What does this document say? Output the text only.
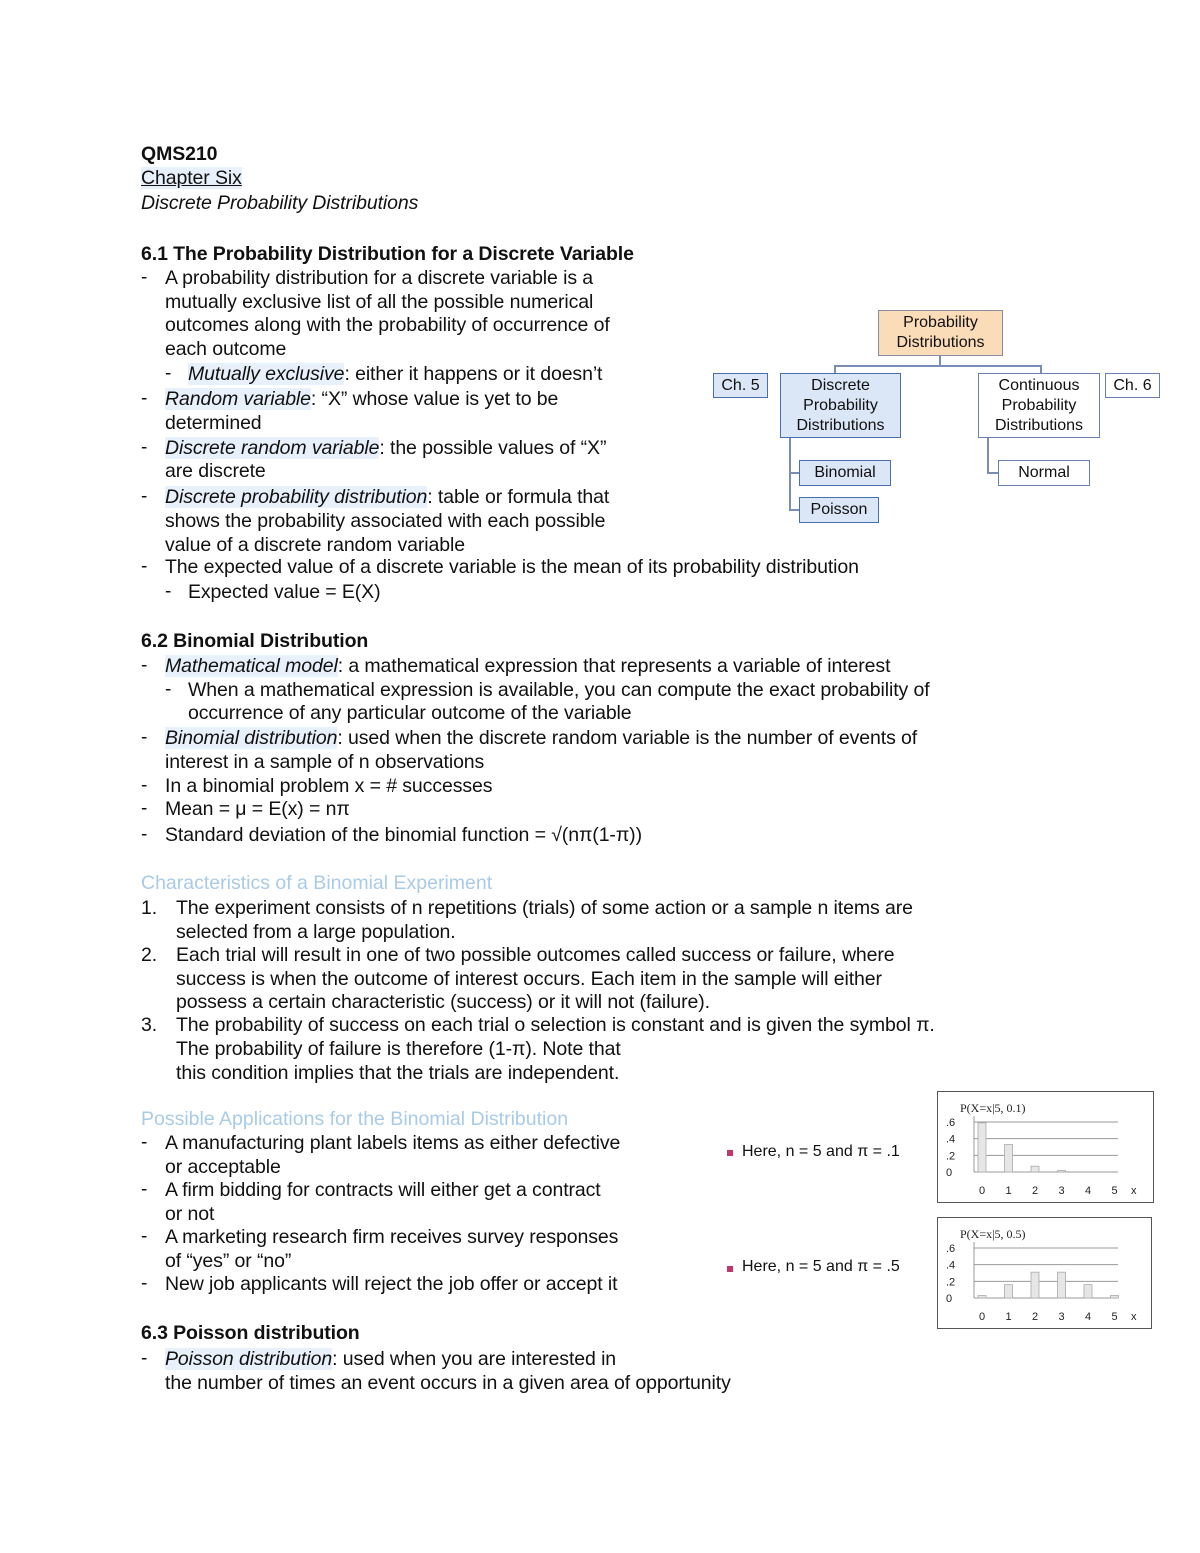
QMS210
Chapter Six
Discrete Probability Distributions
6.1 The Probability Distribution for a Discrete Variable
- A probability distribution for a discrete variable is a
mutually exclusive list of all the possible numerical
outcomes along with the probability of occurrence of
each outcome
- Mutually exclusive: either it happens or it doesn’t
- Random variable: “X” whose value is yet to be
determined
- Discrete random variable: the possible values of “X”
are discrete
- Discrete probability distribution: table or formula that
shows the probability associated with each possible
value of a discrete random variable
- The expected value of a discrete variable is the mean of its probability distribution
- Expected value = E(X)
Probability Distributions
Discrete Probability Distributions
Continuous Probability Distributions
Ch. 5	Ch. 6
Binomial
Poisson
Normal
6.2 Binomial Distribution
- Mathematical model: a mathematical expression that represents a variable of interest
- When a mathematical expression is available, you can compute the exact probability of
occurrence of any particular outcome of the variable
- Binomial distribution: used when the discrete random variable is the number of events of
interest in a sample of n observations
- In a binomial problem x = # successes
- Mean = μ = E(x) = nπ
- Standard deviation of the binomial function = √(nπ(1-π))
Characteristics of a Binomial Experiment
1. The experiment consists of n repetitions (trials) of some action or a sample n items are
selected from a large population.
2. Each trial will result in one of two possible outcomes called success or failure, where
success is when the outcome of interest occurs. Each item in the sample will either
possess a certain characteristic (success) or it will not (failure).
3. The probability of success on each trial o selection is constant and is given the symbol π.
The probability of failure is therefore (1-π). Note that
this condition implies that the trials are independent.
Possible Applications for the Binomial Distribution
- A manufacturing plant labels items as either defective
or acceptable
- A firm bidding for contracts will either get a contract
or not
- A marketing research firm receives survey responses
of “yes” or “no”
- New job applicants will reject the job offer or accept it
Here, n = 5 and π = .1
Here, n = 5 and π = .5
P(X=x|5, 0.1)
.6
.4
.2
0
0 1 2 3 4 5 x
P(X=x|5, 0.5)
.6
.4
.2
0
0 1 2 3 4 5 x
6.3 Poisson distribution
- Poisson distribution: used when you are interested in
the number of times an event occurs in a given area of opportunity
